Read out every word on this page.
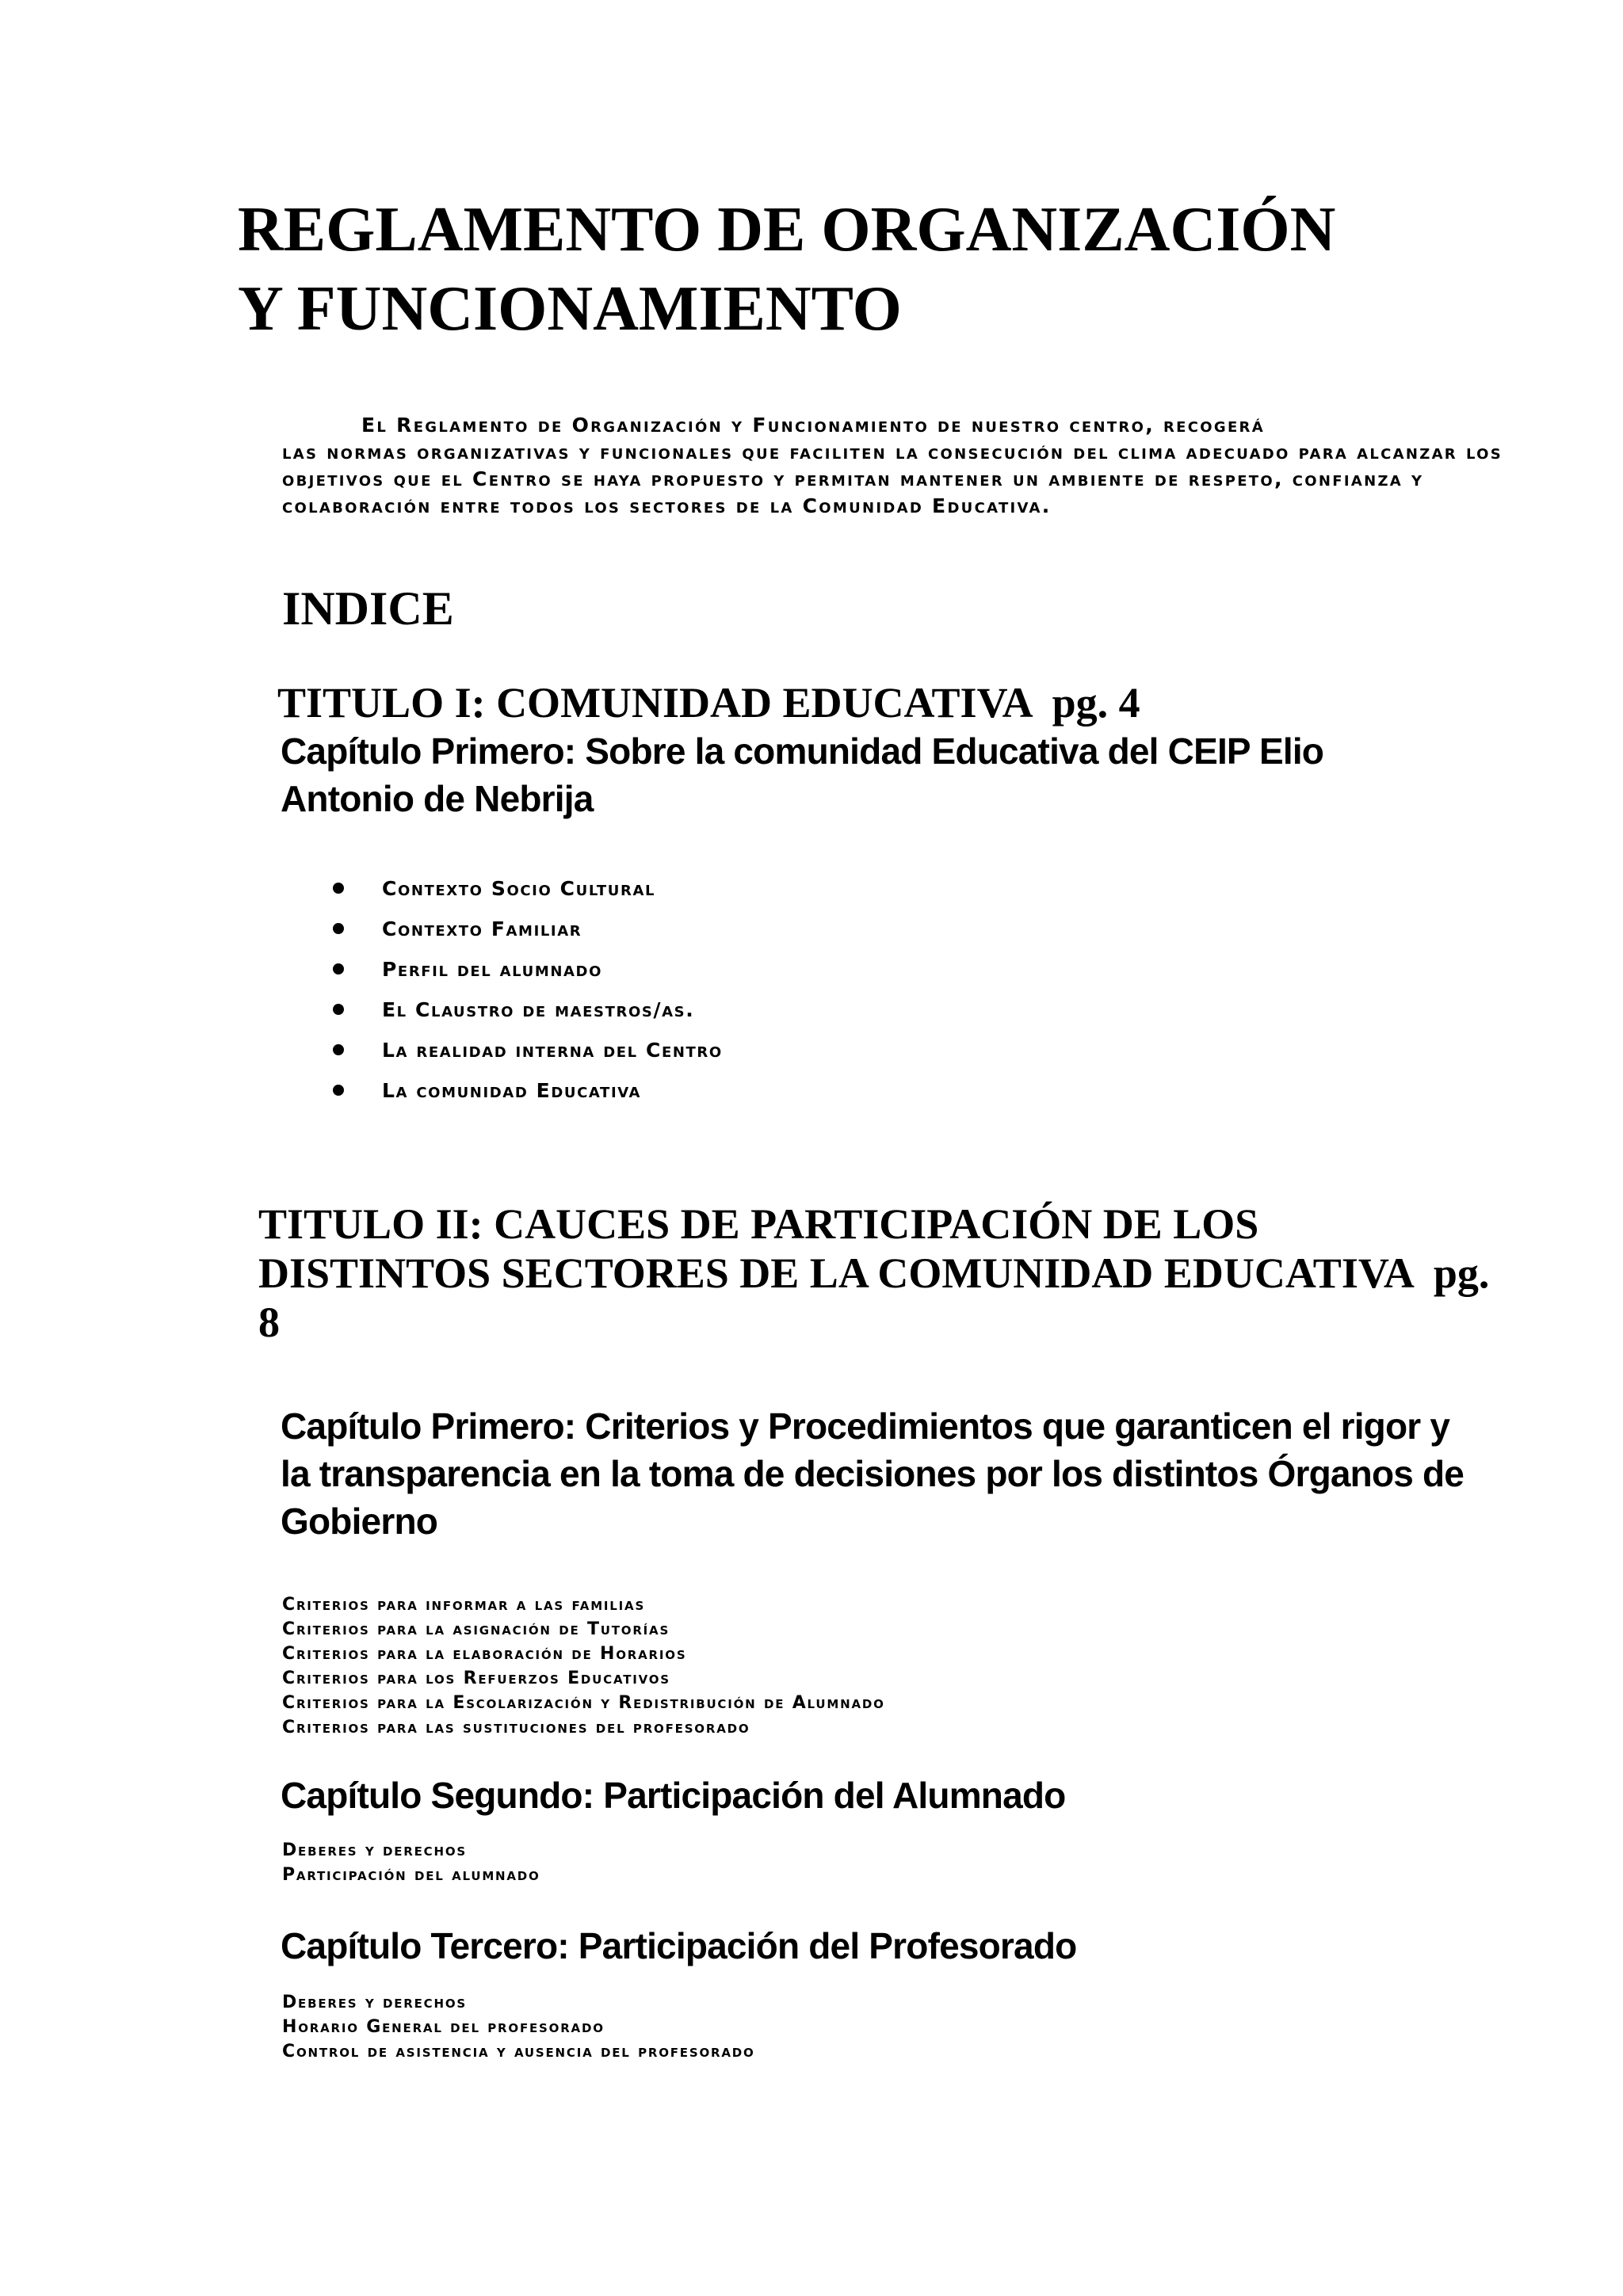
REGLAMENTO DE ORGANIZACIÓN
Y FUNCIONAMIENTO

El Reglamento de Organización y Funcionamiento de nuestro centro, recogerá
las normas organizativas y funcionales que faciliten la consecución del clima adecuado para alcanzar los objetivos que el Centro se haya propuesto y permitan mantener un ambiente de respeto, confianza y colaboración entre todos los sectores de la Comunidad Educativa.

INDICE
TITULO I: COMUNIDAD EDUCATIVA pg. 4
Capítulo Primero: Sobre la comunidad Educativa del CEIP Elio Antonio de Nebrija
Contexto Socio Cultural
Contexto Familiar
Perfil del alumnado
El Claustro de maestros/as.
La realidad interna del Centro
La comunidad Educativa
TITULO II: CAUCES DE PARTICIPACIÓN DE LOS DISTINTOS SECTORES DE LA COMUNIDAD EDUCATIVA pg. 8
Capítulo Primero: Criterios y Procedimientos que garanticen el rigor y la transparencia en la toma de decisiones por los distintos Órganos de Gobierno
Criterios para informar a las familias
Criterios para la asignación de Tutorías
Criterios para la elaboración de Horarios
Criterios para los Refuerzos Educativos
Criterios para la Escolarización y Redistribución de Alumnado
Criterios para las sustituciones del profesorado
Capítulo Segundo: Participación del Alumnado
Deberes y derechos
Participación del alumnado
Capítulo Tercero: Participación del Profesorado
Deberes y derechos
Horario General del profesorado
Control de asistencia y ausencia del profesorado
